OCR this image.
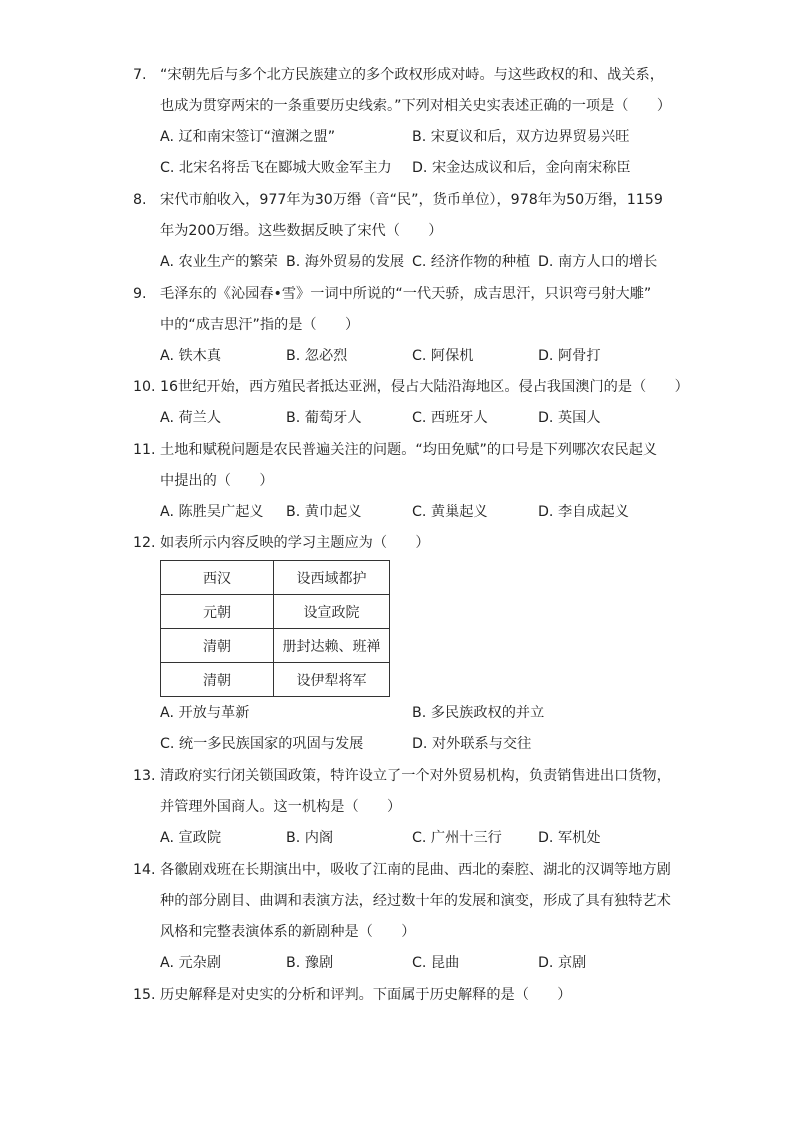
7. “宋朝先后与多个北方民族建立的多个政权形成对峙。与这些政权的和、战关系，
也成为贯穿两宋的一条重要历史线索。”下列对相关史实表述正确的一项是（　　）
A. 辽和南宋签订“澶渊之盟”	B. 宋夏议和后，双方边界贸易兴旺
C. 北宋名将岳飞在郾城大败金军主力 D. 宋金达成议和后，金向南宋称臣
8. 宋代市舶收入，977年为30万缗（音“民”，货币单位），978年为50万缗，1159
年为200万缗。这些数据反映了宋代（　　）
A. 农业生产的繁荣 B. 海外贸易的发展 C. 经济作物的种植 D. 南方人口的增长
9. 毛泽东的《沁园春•雪》一词中所说的“一代天骄，成吉思汗，只识弯弓射大雕”
中的“成吉思汗”指的是（　　）
A. 铁木真	B. 忽必烈	C. 阿保机	D. 阿骨打
10. 16世纪开始，西方殖民者抵达亚洲，侵占大陆沿海地区。侵占我国澳门的是（　　）
A. 荷兰人	B. 葡萄牙人	C. 西班牙人	D. 英国人
11. 土地和赋税问题是农民普遍关注的问题。“均田免赋”的口号是下列哪次农民起义
中提出的（　　）
A. 陈胜吴广起义 B. 黄巾起义	C. 黄巢起义	D. 李自成起义
12. 如表所示内容反映的学习主题应为（　　）
西汉	设西域都护
元朝	设宣政院
清朝	册封达赖、班禅
清朝	设伊犁将军
A. 开放与革新	B. 多民族政权的并立
C. 统一多民族国家的巩固与发展	D. 对外联系与交往
13. 清政府实行闭关锁国政策，特许设立了一个对外贸易机构，负责销售进出口货物，
并管理外国商人。这一机构是（　　）
A. 宣政院	B. 内阁	C. 广州十三行	D. 军机处
14. 各徽剧戏班在长期演出中，吸收了江南的昆曲、西北的秦腔、湖北的汉调等地方剧
种的部分剧目、曲调和表演方法，经过数十年的发展和演变，形成了具有独特艺术
风格和完整表演体系的新剧种是（　　）
A. 元杂剧	B. 豫剧	C. 昆曲	D. 京剧
15. 历史解释是对史实的分析和评判。下面属于历史解释的是（　　）
